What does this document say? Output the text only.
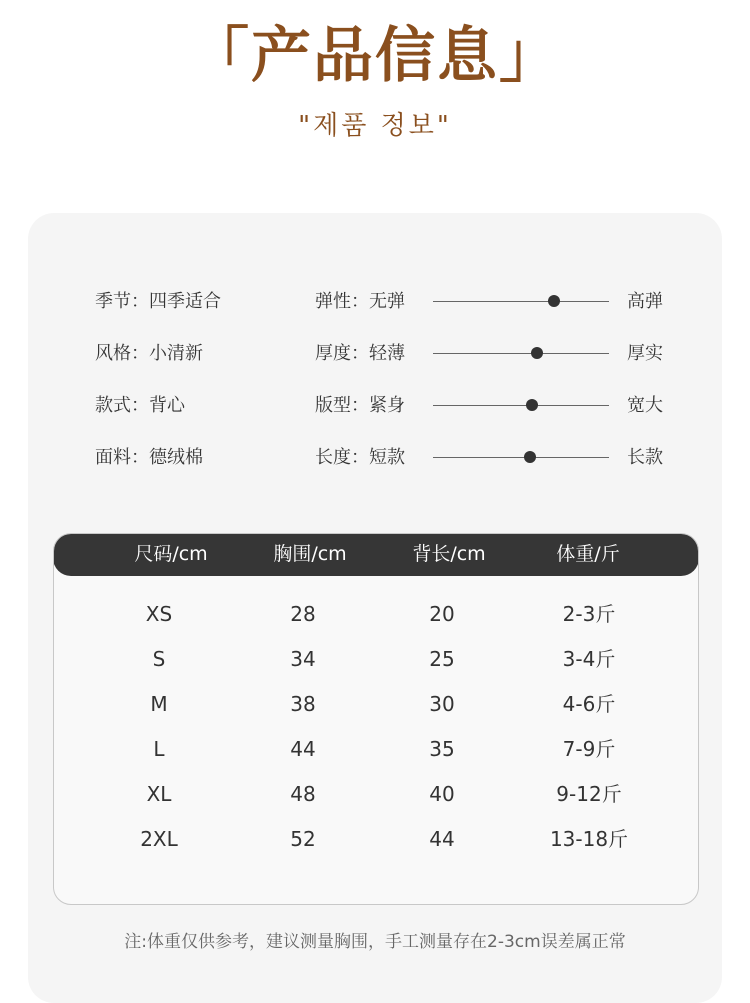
「产品信息」
"제품 정보"
季节：四季适合	弹性：无弹	高弹
风格：小清新	厚度：轻薄	厚实
款式：背心	版型：紧身	宽大
面料：德绒棉	长度：短款	长款
尺码/cm	胸围/cm	背长/cm	体重/斤
XS	28	20	2-3斤
S	34	25	3-4斤
M	38	30	4-6斤
L	44	35	7-9斤
XL	48	40	9-12斤
2XL	52	44	13-18斤
注:体重仅供参考，建议测量胸围，手工测量存在2-3cm误差属正常
